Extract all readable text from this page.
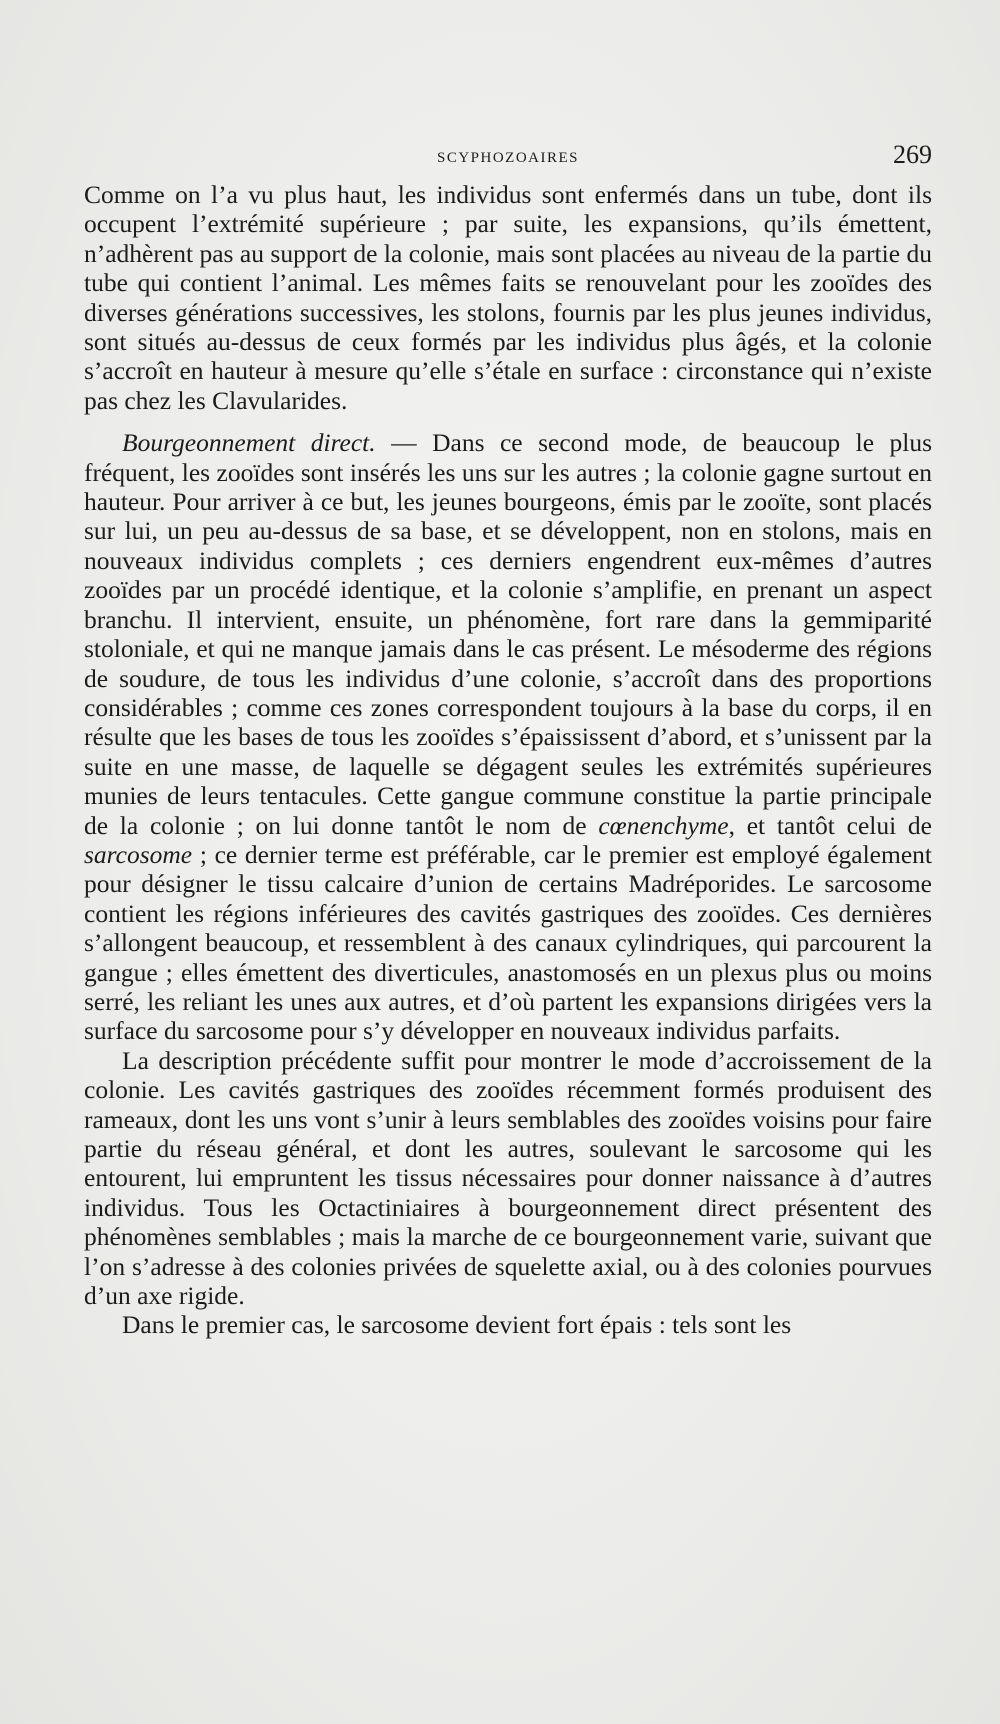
SCYPHOZOAIRES	269

Comme on l’a vu plus haut, les individus sont enfermés dans un tube, dont ils occupent l’extrémité supérieure ; par suite, les expansions, qu’ils émettent, n’adhèrent pas au support de la colonie, mais sont placées au niveau de la partie du tube qui contient l’animal. Les mêmes faits se renouvelant pour les zooïdes des diverses générations successives, les stolons, fournis par les plus jeunes individus, sont situés au-dessus de ceux formés par les individus plus âgés, et la colonie s’accroît en hauteur à mesure qu’elle s’étale en surface : circonstance qui n’existe pas chez les Clavularides.

Bourgeonnement direct. — Dans ce second mode, de beaucoup le plus fréquent, les zooïdes sont insérés les uns sur les autres ; la colonie gagne surtout en hauteur. Pour arriver à ce but, les jeunes bourgeons, émis par le zooïte, sont placés sur lui, un peu au-dessus de sa base, et se développent, non en stolons, mais en nouveaux individus complets ; ces derniers engendrent eux-mêmes d’autres zooïdes par un procédé identique, et la colonie s’amplifie, en prenant un aspect branchu. Il intervient, ensuite, un phénomène, fort rare dans la gemmiparité stoloniale, et qui ne manque jamais dans le cas présent. Le mésoderme des régions de soudure, de tous les individus d’une colonie, s’accroît dans des proportions considérables ; comme ces zones correspondent toujours à la base du corps, il en résulte que les bases de tous les zooïdes s’épaississent d’abord, et s’unissent par la suite en une masse, de laquelle se dégagent seules les extrémités supérieures munies de leurs tentacules. Cette gangue commune constitue la partie principale de la colonie ; on lui donne tantôt le nom de cœnenchyme, et tantôt celui de sarcosome ; ce dernier terme est préférable, car le premier est employé également pour désigner le tissu calcaire d’union de certains Madréporides. Le sarcosome contient les régions inférieures des cavités gastriques des zooïdes. Ces dernières s’allongent beaucoup, et ressemblent à des canaux cylindriques, qui parcourent la gangue ; elles émettent des diverticules, anastomosés en un plexus plus ou moins serré, les reliant les unes aux autres, et d’où partent les expansions dirigées vers la surface du sarcosome pour s’y développer en nouveaux individus parfaits.

La description précédente suffit pour montrer le mode d’accroissement de la colonie. Les cavités gastriques des zooïdes récemment formés produisent des rameaux, dont les uns vont s’unir à leurs semblables des zooïdes voisins pour faire partie du réseau général, et dont les autres, soulevant le sarcosome qui les entourent, lui empruntent les tissus nécessaires pour donner naissance à d’autres individus. Tous les Octactiniaires à bourgeonnement direct présentent des phénomènes semblables ; mais la marche de ce bourgeonnement varie, suivant que l’on s’adresse à des colonies privées de squelette axial, ou à des colonies pourvues d’un axe rigide.

Dans le premier cas, le sarcosome devient fort épais : tels sont les
